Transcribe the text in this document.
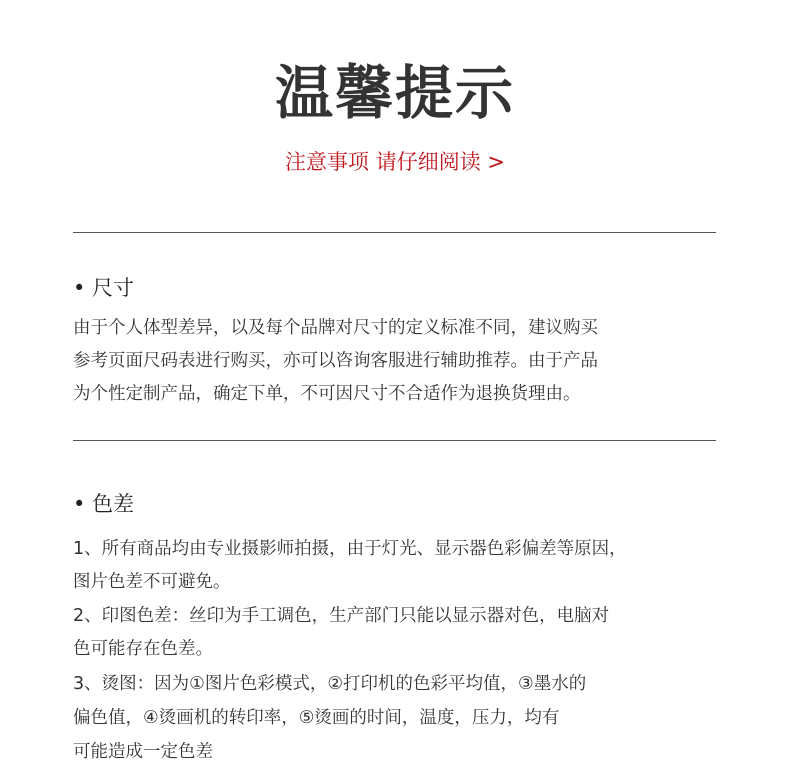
温馨提示
注意事项 请仔细阅读 >
• 尺寸
由于个人体型差异，以及每个品牌对尺寸的定义标准不同，建议购买
参考页面尺码表进行购买，亦可以咨询客服进行辅助推荐。由于产品
为个性定制产品，确定下单，不可因尺寸不合适作为退换货理由。
• 色差
1、所有商品均由专业摄影师拍摄，由于灯光、显示器色彩偏差等原因，
图片色差不可避免。
2、印图色差：丝印为手工调色，生产部门只能以显示器对色，电脑对
色可能存在色差。
3、烫图：因为①图片色彩模式，②打印机的色彩平均值，③墨水的
偏色值，④烫画机的转印率，⑤烫画的时间，温度，压力，均有
可能造成一定色差
